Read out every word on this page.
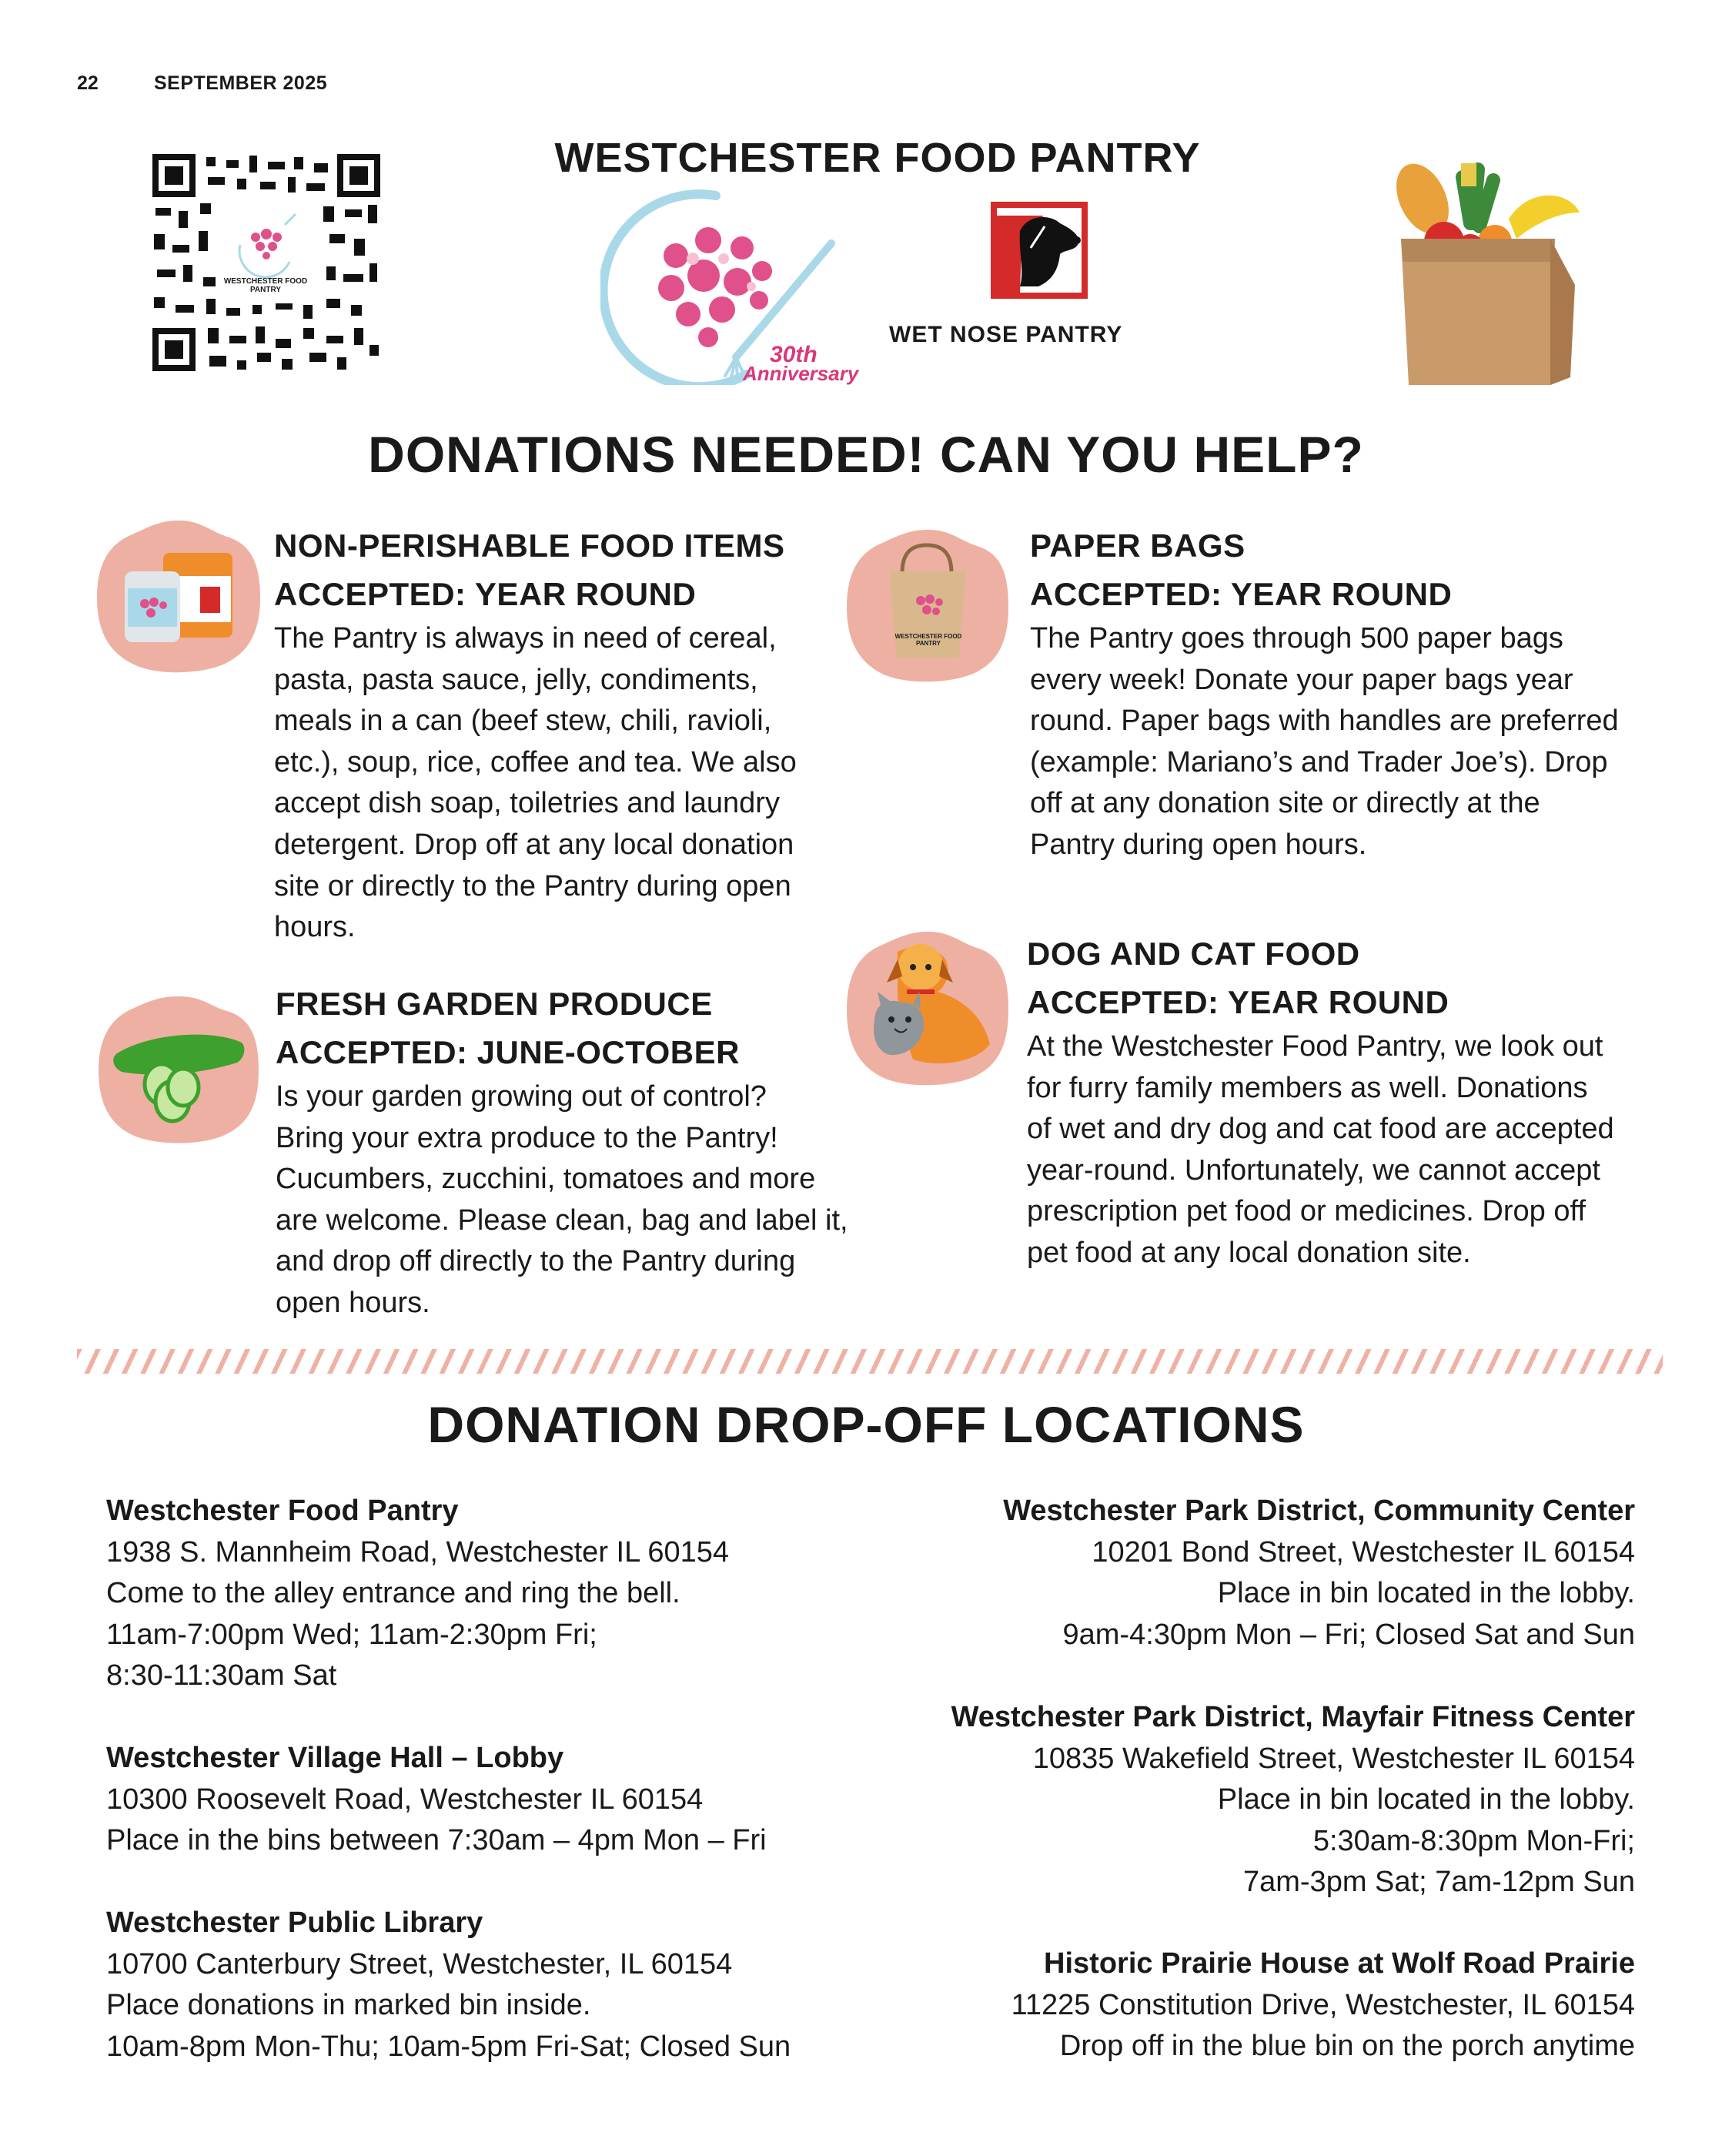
22	SEPTEMBER 2025
WESTCHESTER FOOD PANTRY
WESTCHESTER FOOD PANTRY
30th
Anniversary
WET NOSE PANTRY
DONATIONS NEEDED! CAN YOU HELP?
WESTCHESTER FOOD PANTRY
NON-PERISHABLE FOOD ITEMS
ACCEPTED: YEAR ROUND
The Pantry is always in need of cereal,
pasta, pasta sauce, jelly, condiments,
meals in a can (beef stew, chili, ravioli,
etc.), soup, rice, coffee and tea. We also
accept dish soap, toiletries and laundry
detergent. Drop off at any local donation
site or directly to the Pantry during open
hours.
FRESH GARDEN PRODUCE
ACCEPTED: JUNE-OCTOBER
Is your garden growing out of control?
Bring your extra produce to the Pantry!
Cucumbers, zucchini, tomatoes and more
are welcome. Please clean, bag and label it,
and drop off directly to the Pantry during
open hours.
PAPER BAGS
ACCEPTED: YEAR ROUND
The Pantry goes through 500 paper bags
every week! Donate your paper bags year
round. Paper bags with handles are preferred
(example: Mariano’s and Trader Joe’s). Drop
off at any donation site or directly at the
Pantry during open hours.
DOG AND CAT FOOD
ACCEPTED: YEAR ROUND
At the Westchester Food Pantry, we look out
for furry family members as well. Donations
of wet and dry dog and cat food are accepted
year-round. Unfortunately, we cannot accept
prescription pet food or medicines. Drop off
pet food at any local donation site.
DONATION DROP-OFF LOCATIONS
Westchester Food Pantry
1938 S. Mannheim Road, Westchester IL 60154
Come to the alley entrance and ring the bell.
11am-7:00pm Wed; 11am-2:30pm Fri;
8:30-11:30am Sat
Westchester Village Hall – Lobby
10300 Roosevelt Road, Westchester IL 60154
Place in the bins between 7:30am – 4pm Mon – Fri
Westchester Public Library
10700 Canterbury Street, Westchester, IL 60154
Place donations in marked bin inside.
10am-8pm Mon-Thu; 10am-5pm Fri-Sat; Closed Sun
Westchester Park District, Community Center
10201 Bond Street, Westchester IL 60154
Place in bin located in the lobby.
9am-4:30pm Mon – Fri; Closed Sat and Sun
Westchester Park District, Mayfair Fitness Center
10835 Wakefield Street, Westchester IL 60154
Place in bin located in the lobby.
5:30am-8:30pm Mon-Fri;
7am-3pm Sat; 7am-12pm Sun
Historic Prairie House at Wolf Road Prairie
11225 Constitution Drive, Westchester, IL 60154
Drop off in the blue bin on the porch anytime
